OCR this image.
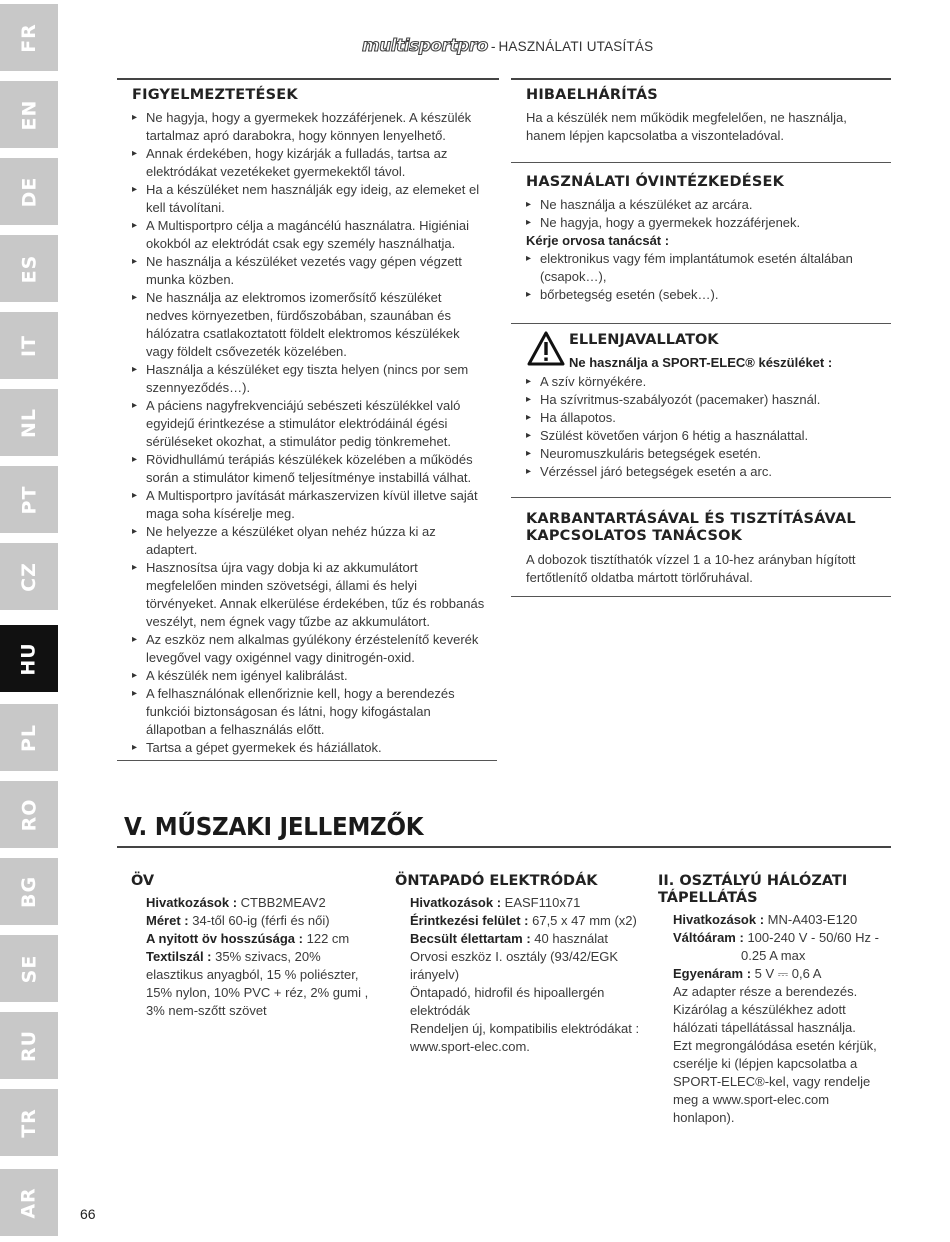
FR
EN
DE
ES
IT
NL
PT
CZ
HU
PL
RO
BG
SE
RU
TR
AR
multisportpro - HASZNÁLATI UTASÍTÁS
FIGYELMEZTETÉSEK
▸ Ne hagyja, hogy a gyermekek hozzáférjenek. A készülék tartalmaz apró darabokra, hogy könnyen lenyelhető.
▸ Annak érdekében, hogy kizárják a fulladás, tartsa az elektródákat vezetékeket gyermekektől távol.
▸ Ha a készüléket nem használják egy ideig, az elemeket el kell távolítani.
▸ A Multisportpro célja a magáncélú használatra. Higiéniai okokból az elektródát csak egy személy használhatja.
▸ Ne használja a készüléket vezetés vagy gépen végzett munka közben.
▸ Ne használja az elektromos izomerősítő készüléket nedves környezetben, fürdőszobában, szaunában és hálózatra csatlakoztatott földelt elektromos készülékek vagy földelt csővezeték közelében.
▸ Használja a készüléket egy tiszta helyen (nincs por sem szennyeződés…).
▸ A páciens nagyfrekvenciájú sebészeti készülékkel való egyidejű érintkezése a stimulátor elektródáinál égési sérüléseket okozhat, a stimulátor pedig tönkremehet.
▸ Rövidhullámú terápiás készülékek közelében a működés során a stimulátor kimenő teljesítménye instabillá válhat.
▸ A Multisportpro javítását márkaszervizen kívül illetve saját maga soha kísérelje meg.
▸ Ne helyezze a készüléket olyan nehéz húzza ki az adaptert.
▸ Hasznosítsa újra vagy dobja ki az akkumulátort megfelelően minden szövetségi, állami és helyi törvényeket. Annak elkerülése érdekében, tűz és robbanás veszélyt, nem égnek vagy tűzbe az akkumulátort.
▸ Az eszköz nem alkalmas gyúlékony érzéstelenítő keverék levegővel vagy oxigénnel vagy dinitrogén-oxid.
▸ A készülék nem igényel kalibrálást.
▸ A felhasználónak ellenőriznie kell, hogy a berendezés funkciói biztonságosan és látni, hogy kifogástalan állapotban a felhasználás előtt.
▸ Tartsa a gépet gyermekek és háziállatok.
HIBAELHÁRÍTÁS
Ha a készülék nem működik megfelelően, ne használja, hanem lépjen kapcsolatba a viszonteladóval.
HASZNÁLATI ÓVINTÉZKEDÉSEK
▸ Ne használja a készüléket az arcára.
▸ Ne hagyja, hogy a gyermekek hozzáférjenek.
Kérje orvosa tanácsát :
▸ elektronikus vagy fém implantátumok esetén általában (csapok…),
▸ bőrbetegség esetén (sebek…).
ELLENJAVALLATOK
Ne használja a SPORT-ELEC® készüléket :
▸ A szív környékére.
▸ Ha szívritmus-szabályozót (pacemaker) használ.
▸ Ha állapotos.
▸ Szülést követően várjon 6 hétig a használattal.
▸ Neuromuszkuláris betegségek esetén.
▸ Vérzéssel járó betegségek esetén a arc.
KARBANTARTÁSÁVAL ÉS TISZTÍTÁSÁVAL
KAPCSOLATOS TANÁCSOK
A dobozok tisztíthatók vízzel 1 a 10-hez arányban hígított fertőtlenítő oldatba mártott törlőruhával.
V. MŰSZAKI JELLEMZŐK
ÖV
Hivatkozások : CTBB2MEAV2
Méret : 34-től 60-ig (férfi és női)
A nyitott öv hosszúsága : 122 cm
Textilszál : 35% szivacs, 20% elasztikus anyagból, 15 % poliészter, 15% nylon, 10% PVC + réz, 2% gumi , 3% nem-szőtt szövet
ÖNTAPADÓ ELEKTRÓDÁK
Hivatkozások : EASF110x71
Érintkezési felület : 67,5 x 47 mm (x2)
Becsült élettartam : 40 használat
Orvosi eszköz I. osztály (93/42/EGK irányelv)
Öntapadó, hidrofil és hipoallergén elektródák
Rendeljen új, kompatibilis elektródákat : www.sport-elec.com.
II. OSZTÁLYÚ HÁLÓZATI
TÁPELLÁTÁS
Hivatkozások : MN-A403-E120
Váltóáram : 100-240 V - 50/60 Hz -
0.25 A max
Egyenáram : 5 V ⎓ 0,6 A
Az adapter része a berendezés.
Kizárólag a készülékhez adott hálózati tápellátással használja.
Ezt megrongálódása esetén kérjük, cserélje ki (lépjen kapcsolatba a SPORT-ELEC®-kel, vagy rendelje meg a www.sport-elec.com honlapon).
66
